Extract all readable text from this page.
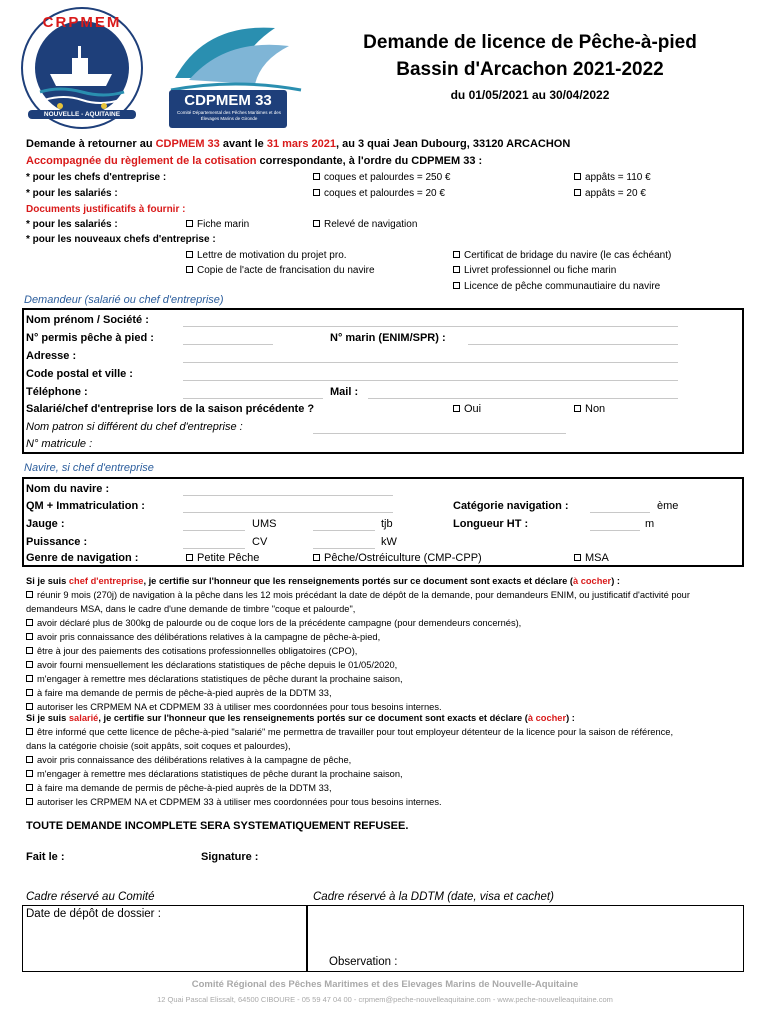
CRPMEM
NOUVELLE - AQUITAINE
CDPMEM 33
Comité Départemental des Pêches Maritimes et des Élevages Marins de Gironde
Demande de licence de Pêche-à-pied
Bassin d'Arcachon 2021-2022
du 01/05/2021 au 30/04/2022
Demande à retourner au CDPMEM 33 avant le 31 mars 2021, au 3 quai Jean Dubourg, 33120 ARCACHON
Accompagnée du règlement de la cotisation correspondante, à l'ordre du CDPMEM 33 :
* pour les chefs d'entreprise :	coques et palourdes = 250 €	appâts = 110 €
* pour les salariés :	coques et palourdes = 20 €	appâts = 20 €
Documents justificatifs à fournir :
* pour les salariés :	Fiche marin	Relevé de navigation
* pour les nouveaux chefs d'entreprise :
Lettre de motivation du projet pro.
Copie de l'acte de francisation du navire
Certificat de bridage du navire (le cas échéant)
Livret professionnel ou fiche marin
Licence de pêche communautiaire du navire
Demandeur (salarié ou chef d'entreprise)
Nom prénom / Société :
N° permis pêche à pied :	N° marin (ENIM/SPR) :
Adresse :
Code postal et ville :
Téléphone :	Mail :
Salarié/chef d'entreprise lors de la saison précédente ?	Oui	Non
Nom patron si différent du chef d'entreprise :
N° matricule :
Navire, si chef d'entreprise
Nom du navire :
QM + Immatriculation :	Catégorie navigation :	ème
Jauge :	UMS	tjb	Longueur HT :	m
Puissance :	CV	kW
Genre de navigation :	Petite Pêche	Pêche/Ostréiculture (CMP-CPP)	MSA
Si je suis chef d'entreprise, je certifie sur l'honneur que les renseignements portés sur ce document sont exacts et déclare (à cocher) :
réunir 9 mois (270j) de navigation à la pêche dans les 12 mois précédant la date de dépôt de la demande, pour demandeurs ENIM, ou justificatif d'activité pour
demandeurs MSA, dans le cadre d'une demande de timbre "coque et palourde",
avoir déclaré plus de 300kg de palourde ou de coque lors de la précédente campagne (pour demendeurs concernés),
avoir pris connaissance des délibérations relatives à la campagne de pêche-à-pied,
être à jour des paiements des cotisations professionnelles obligatoires (CPO),
avoir fourni mensuellement les déclarations statistiques de pêche depuis le 01/05/2020,
m'engager à remettre mes déclarations statistiques de pêche durant la prochaine saison,
à faire ma demande de permis de pêche-à-pied auprès de la DDTM 33,
autoriser les CRPMEM NA et CDPMEM 33 à utiliser mes coordonnées pour tous besoins internes.
Si je suis salarié, je certifie sur l'honneur que les renseignements portés sur ce document sont exacts et déclare (à cocher) :
être informé que cette licence de pêche-à-pied "salarié" me permettra de travailler pour tout employeur détenteur de la licence pour la saison de référence,
dans la catégorie choisie (soit appâts, soit coques et palourdes),
avoir pris connaissance des délibérations relatives à la campagne de pêche,
m'engager à remettre mes déclarations statistiques de pêche durant la prochaine saison,
à faire ma demande de permis de pêche-à-pied auprès de la DDTM 33,
autoriser les CRPMEM NA et CDPMEM 33 à utiliser mes coordonnées pour tous besoins internes.
TOUTE DEMANDE INCOMPLETE SERA SYSTEMATIQUEMENT REFUSEE.
Fait le :	Signature :
Cadre réservé au Comité	Cadre réservé à la DDTM (date, visa et cachet)
Date de dépôt de dossier :
Observation :
Comité Régional des Pêches Maritimes et des Elevages Marins de Nouvelle-Aquitaine
12 Quai Pascal Elissalt, 64500 CIBOURE - 05 59 47 04 00 - crpmem@peche-nouvelleaquitaine.com - www.peche-nouvelleaquitaine.com
